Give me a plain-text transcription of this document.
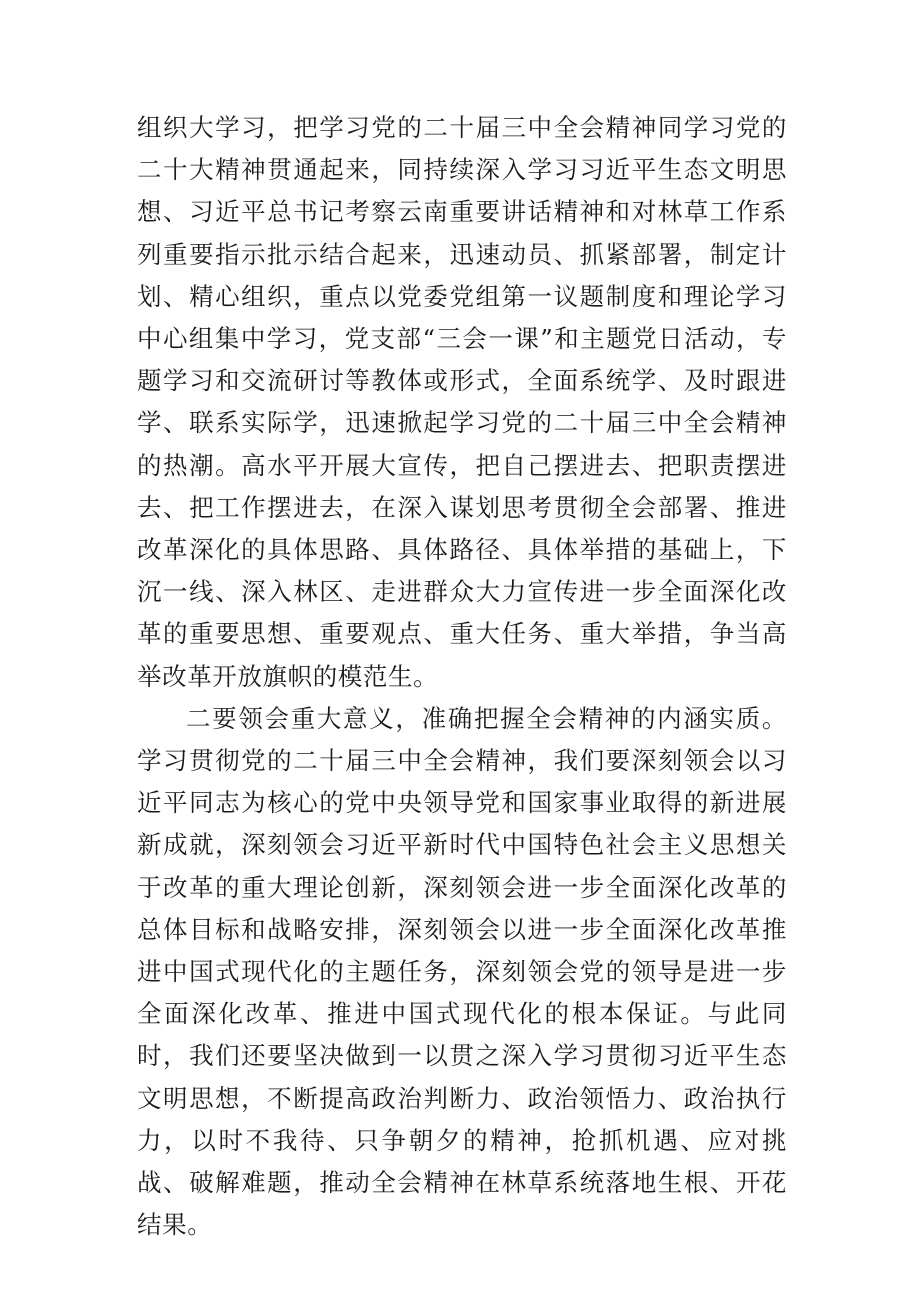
组织大学习，把学习党的二十届三中全会精神同学习党的二十大精神贯通起来，同持续深入学习习近平生态文明思想、习近平总书记考察云南重要讲话精神和对林草工作系列重要指示批示结合起来，迅速动员、抓紧部署，制定计划、精心组织，重点以党委党组第一议题制度和理论学习中心组集中学习，党支部“三会一课”和主题党日活动，专题学习和交流研讨等教体或形式，全面系统学、及时跟进学、联系实际学，迅速掀起学习党的二十届三中全会精神的热潮。高水平开展大宣传，把自己摆进去、把职责摆进去、把工作摆进去，在深入谋划思考贯彻全会部署、推进改革深化的具体思路、具体路径、具体举措的基础上，下沉一线、深入林区、走进群众大力宣传进一步全面深化改革的重要思想、重要观点、重大任务、重大举措，争当高举改革开放旗帜的模范生。

二要领会重大意义，准确把握全会精神的内涵实质。学习贯彻党的二十届三中全会精神，我们要深刻领会以习近平同志为核心的党中央领导党和国家事业取得的新进展新成就，深刻领会习近平新时代中国特色社会主义思想关于改革的重大理论创新，深刻领会进一步全面深化改革的总体目标和战略安排，深刻领会以进一步全面深化改革推进中国式现代化的主题任务，深刻领会党的领导是进一步全面深化改革、推进中国式现代化的根本保证。与此同时，我们还要坚决做到一以贯之深入学习贯彻习近平生态文明思想，不断提高政治判断力、政治领悟力、政治执行力，以时不我待、只争朝夕的精神，抢抓机遇、应对挑战、破解难题，推动全会精神在林草系统落地生根、开花结果。
